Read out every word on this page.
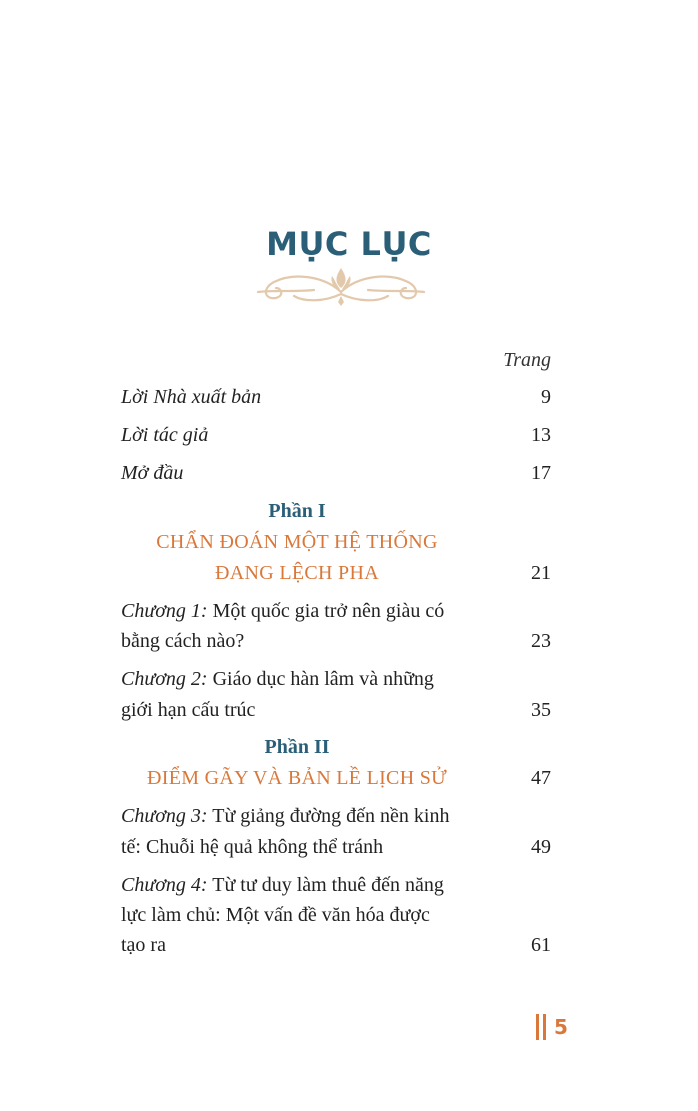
MỤC LỤC
Trang
Lời Nhà xuất bản	9
Lời tác giả	13
Mở đầu	17
Phần I
CHẨN ĐOÁN MỘT HỆ THỐNG
ĐANG LỆCH PHA	21
Chương 1: Một quốc gia trở nên giàu có
bằng cách nào?	23
Chương 2: Giáo dục hàn lâm và những
giới hạn cấu trúc	35
Phần II
ĐIỂM GÃY VÀ BẢN LỀ LỊCH SỬ	47
Chương 3: Từ giảng đường đến nền kinh
tế: Chuỗi hệ quả không thể tránh	49
Chương 4: Từ tư duy làm thuê đến năng
lực làm chủ: Một vấn đề văn hóa được
tạo ra	61
5
